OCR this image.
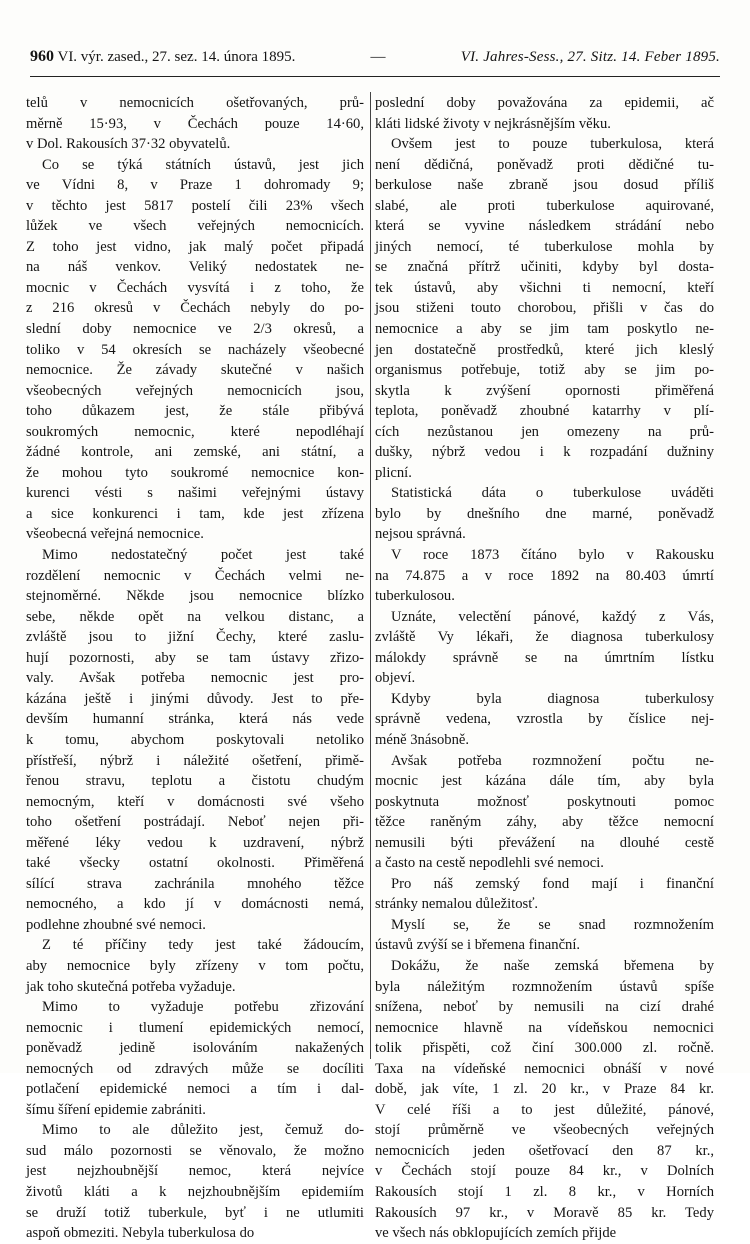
960 VI. výr. zased., 27. sez. 14. února 1895.	—	VI. Jahres-Sess., 27. Sitz. 14. Feber 1895.
telů v nemocnicích ošetřovaných, prů-
měrně 15·93, v Čechách pouze 14·60,
v Dol. Rakousích 37·32 obyvatelů.
Co se týká státních ústavů, jest jich
ve Vídni 8, v Praze 1 dohromady 9;
v těchto jest 5817 postelí čili 23% všech
lůžek ve všech veřejných nemocnicích.
Z toho jest vidno, jak malý počet připadá
na náš venkov. Veliký nedostatek ne-
mocnic v Čechách vysvítá i z toho, že
z 216 okresů v Čechách nebyly do po-
slední doby nemocnice ve 2/3 okresů, a
toliko v 54 okresích se nacházely všeobecné
nemocnice. Že závady skutečné v našich
všeobecných veřejných nemocnicích jsou,
toho důkazem jest, že stále přibývá
soukromých nemocnic, které nepodléhají
žádné kontrole, ani zemské, ani státní, a
že mohou tyto soukromé nemocnice kon-
kurenci vésti s našimi veřejnými ústavy
a sice konkurenci i tam, kde jest zřízena
všeobecná veřejná nemocnice.
Mimo nedostatečný počet jest také
rozdělení nemocnic v Čechách velmi ne-
stejnoměrné. Někde jsou nemocnice blízko
sebe, někde opět na velkou distanc, a
zvláště jsou to jižní Čechy, které zaslu-
hují pozornosti, aby se tam ústavy zřizo-
valy. Avšak potřeba nemocnic jest pro-
kázána ještě i jinými důvody. Jest to pře-
devším humanní stránka, která nás vede
k tomu, abychom poskytovali netoliko
přístřeší, nýbrž i náležité ošetření, přimě-
řenou stravu, teplotu a čistotu chudým
nemocným, kteří v domácnosti své všeho
toho ošetření postrádají. Neboť nejen při-
měřené léky vedou k uzdravení, nýbrž
také všecky ostatní okolnosti. Přiměřená
sílící strava zachránila mnohého těžce
nemocného, a kdo jí v domácnosti nemá,
podlehne zhoubné své nemoci.
Z té příčiny tedy jest také žádoucím,
aby nemocnice byly zřízeny v tom počtu,
jak toho skutečná potřeba vyžaduje.
Mimo to vyžaduje potřebu zřizování
nemocnic i tlumení epidemických nemocí,
poněvadž jedině isolováním nakažených
nemocných od zdravých může se docíliti
potlačení epidemické nemoci a tím i dal-
šímu šíření epidemie zabrániti.
Mimo to ale důležito jest, čemuž do-
sud málo pozornosti se věnovalo, že možno
jest nejzhoubnější nemoc, která nejvíce
životů kláti a k nejzhoubnějším epidemiím
se druží totiž tuberkule, byť i ne utlumiti
aspoň obmeziti. Nebyla tuberkulosa do
poslední doby považována za epidemii, ač
kláti lidské životy v nejkrásnějším věku.
Ovšem jest to pouze tuberkulosa, která
není dědičná, poněvadž proti dědičné tu-
berkulose naše zbraně jsou dosud příliš
slabé, ale proti tuberkulose aquirované,
která se vyvine následkem strádání nebo
jiných nemocí, té tuberkulose mohla by
se značná přítrž učiniti, kdyby byl dosta-
tek ústavů, aby všichni ti nemocní, kteří
jsou stiženi touto chorobou, přišli v čas do
nemocnice a aby se jim tam poskytlo ne-
jen dostatečně prostředků, které jich kleslý
organismus potřebuje, totiž aby se jim po-
skytla k zvýšení opornosti přiměřená
teplota, poněvadž zhoubné katarrhy v plí-
cích nezůstanou jen omezeny na prů-
dušky, nýbrž vedou i k rozpadání dužniny
plicní.
Statistická dáta o tuberkulose uváděti
bylo by dnešního dne marné, poněvadž
nejsou správná.
V roce 1873 čítáno bylo v Rakousku
na 74.875 a v roce 1892 na 80.403 úmrtí
tuberkulosou.
Uznáte, velectění pánové, každý z Vás,
zvláště Vy lékaři, že diagnosa tuberkulosy
málokdy správně se na úmrtním lístku
objeví.
Kdyby byla diagnosa tuberkulosy
správně vedena, vzrostla by číslice nej-
méně 3násobně.
Avšak potřeba rozmnožení počtu ne-
mocnic jest kázána dále tím, aby byla
poskytnuta možnosť poskytnouti pomoc
těžce raněným záhy, aby těžce nemocní
nemusili býti převážení na dlouhé cestě
a často na cestě nepodlehli své nemoci.
Pro náš zemský fond mají i finanční
stránky nemalou důležitosť.
Myslí se, že se snad rozmnožením
ústavů zvýší se i břemena finanční.
Dokážu, že naše zemská břemena by
byla náležitým rozmnožením ústavů spíše
snížena, neboť by nemusili na cizí drahé
nemocnice hlavně na vídeňskou nemocnici
tolik přispěti, což činí 300.000 zl. ročně.
Taxa na vídeňské nemocnici obnáší v nové
době, jak víte, 1 zl. 20 kr., v Praze 84 kr.
V celé říši a to jest důležité, pánové,
stojí průměrně ve všeobecných veřejných
nemocnicích jeden ošetřovací den 87 kr.,
v Čechách stojí pouze 84 kr., v Dolních
Rakousích stojí 1 zl. 8 kr., v Horních
Rakousích 97 kr., v Moravě 85 kr. Tedy
ve všech nás obklopujících zemích přijde
